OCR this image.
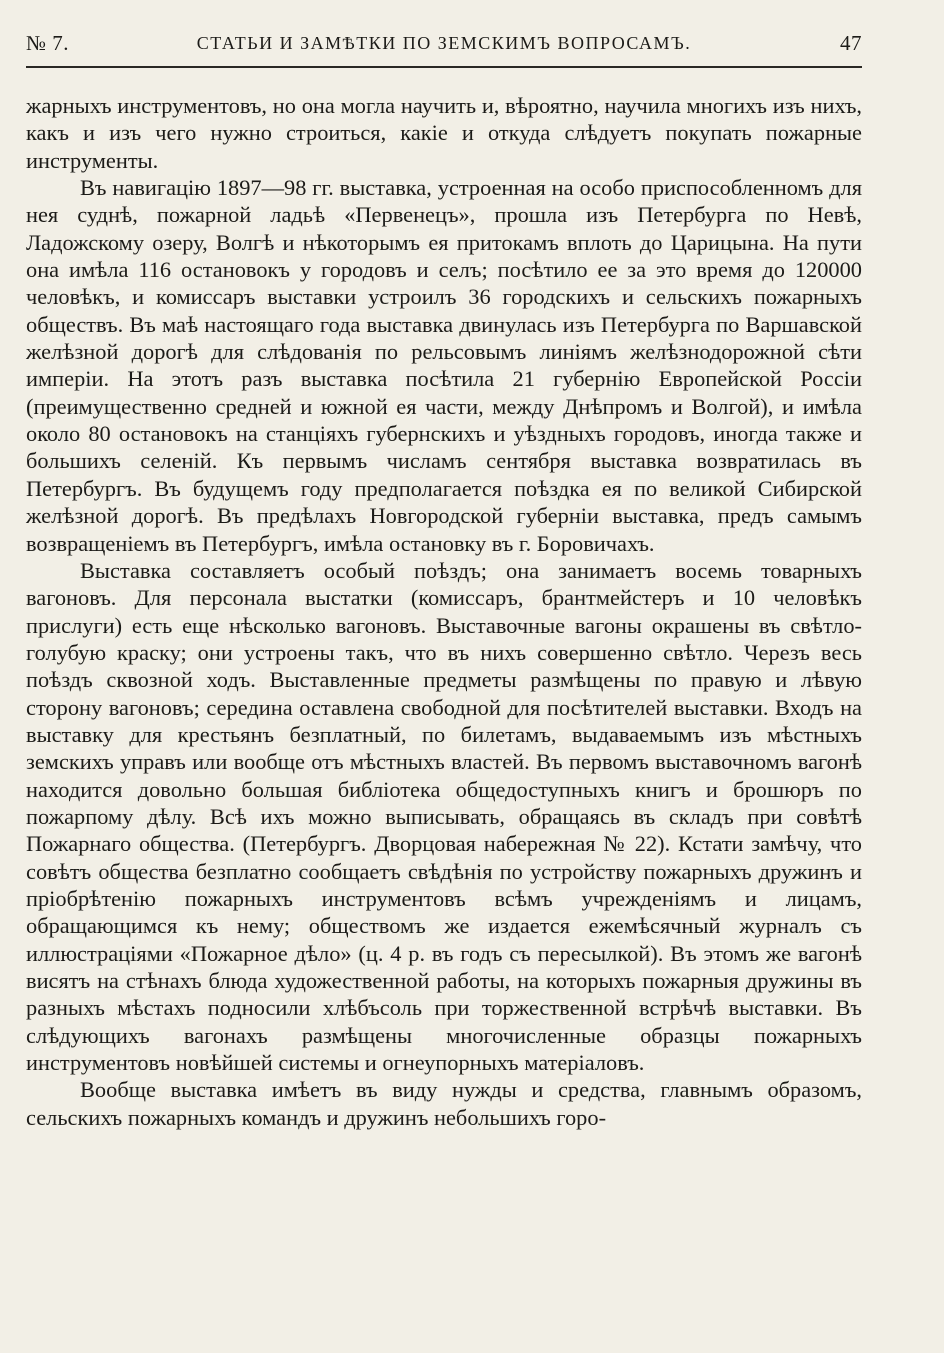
№ 7.	СТАТЬИ И ЗАМѢТКИ ПО ЗЕМСКИМЪ ВОПРОСАМЪ.	47

жарныхъ инструментовъ, но она могла научить и, вѣроятно, научила многихъ изъ нихъ, какъ и изъ чего нужно строиться, какіе и откуда слѣдуетъ покупать пожарные инструменты.

Въ навигацію 1897—98 гг. выставка, устроенная на особо приспособленномъ для нея суднѣ, пожарной ладьѣ «Первенецъ», прошла изъ Петербурга по Невѣ, Ладожскому озеру, Волгѣ и нѣкоторымъ ея притокамъ вплоть до Царицына. На пути она имѣла 116 остановокъ у городовъ и селъ; посѣтило ее за это время до 120000 человѣкъ, и комиссаръ выставки устроилъ 36 городскихъ и сельскихъ пожарныхъ обществъ. Въ маѣ настоящаго года выставка двинулась изъ Петербурга по Варшавской желѣзной дорогѣ для слѣдованія по рельсовымъ линіямъ желѣзнодорожной сѣти имперіи. На этотъ разъ выставка посѣтила 21 губернію Европейской Россіи (преимущественно средней и южной ея части, между Днѣпромъ и Волгой), и имѣла около 80 остановокъ на станціяхъ губернскихъ и уѣздныхъ городовъ, иногда также и большихъ селеній. Къ первымъ числамъ сентября выставка возвратилась въ Петербургъ. Въ будущемъ году предполагается поѣздка ея по великой Сибирской желѣзной дорогѣ. Въ предѣлахъ Новгородской губерніи выставка, предъ самымъ возвращеніемъ въ Петербургъ, имѣла остановку въ г. Боровичахъ.

Выставка составляетъ особый поѣздъ; она занимаетъ восемь товарныхъ вагоновъ. Для персонала выстатки (комиссаръ, брантмейстеръ и 10 человѣкъ прислуги) есть еще нѣсколько вагоновъ. Выставочные вагоны окрашены въ свѣтло-голубую краску; они устроены такъ, что въ нихъ совершенно свѣтло. Черезъ весь поѣздъ сквозной ходъ. Выставленные предметы размѣщены по правую и лѣвую сторону вагоновъ; середина оставлена свободной для посѣтителей выставки. Входъ на выставку для крестьянъ безплатный, по билетамъ, выдаваемымъ изъ мѣстныхъ земскихъ управъ или вообще отъ мѣстныхъ властей. Въ первомъ выставочномъ вагонѣ находится довольно большая библіотека общедоступныхъ книгъ и брошюръ по пожарпому дѣлу. Всѣ ихъ можно выписывать, обращаясь въ складъ при совѣтѣ Пожарнаго общества. (Петербургъ. Дворцовая набережная № 22). Кстати замѣчу, что совѣтъ общества безплатно сообщаетъ свѣдѣнія по устройству пожарныхъ дружинъ и пріобрѣтенію пожарныхъ инструментовъ всѣмъ учрежденіямъ и лицамъ, обращающимся къ нему; обществомъ же издается ежемѣсячный журналъ съ иллюстраціями «Пожарное дѣло» (ц. 4 р. въ годъ съ пересылкой). Въ этомъ же вагонѣ висятъ на стѣнахъ блюда художественной работы, на которыхъ пожарныя дружины въ разныхъ мѣстахъ подносили хлѣбъсоль при торжественной встрѣчѣ выставки. Въ слѣдующихъ вагонахъ размѣщены многочисленные образцы пожарныхъ инструментовъ новѣйшей системы и огнеупорныхъ матеріаловъ.

Вообще выставка имѣетъ въ виду нужды и средства, главнымъ образомъ, сельскихъ пожарныхъ командъ и дружинъ небольшихъ горо-
